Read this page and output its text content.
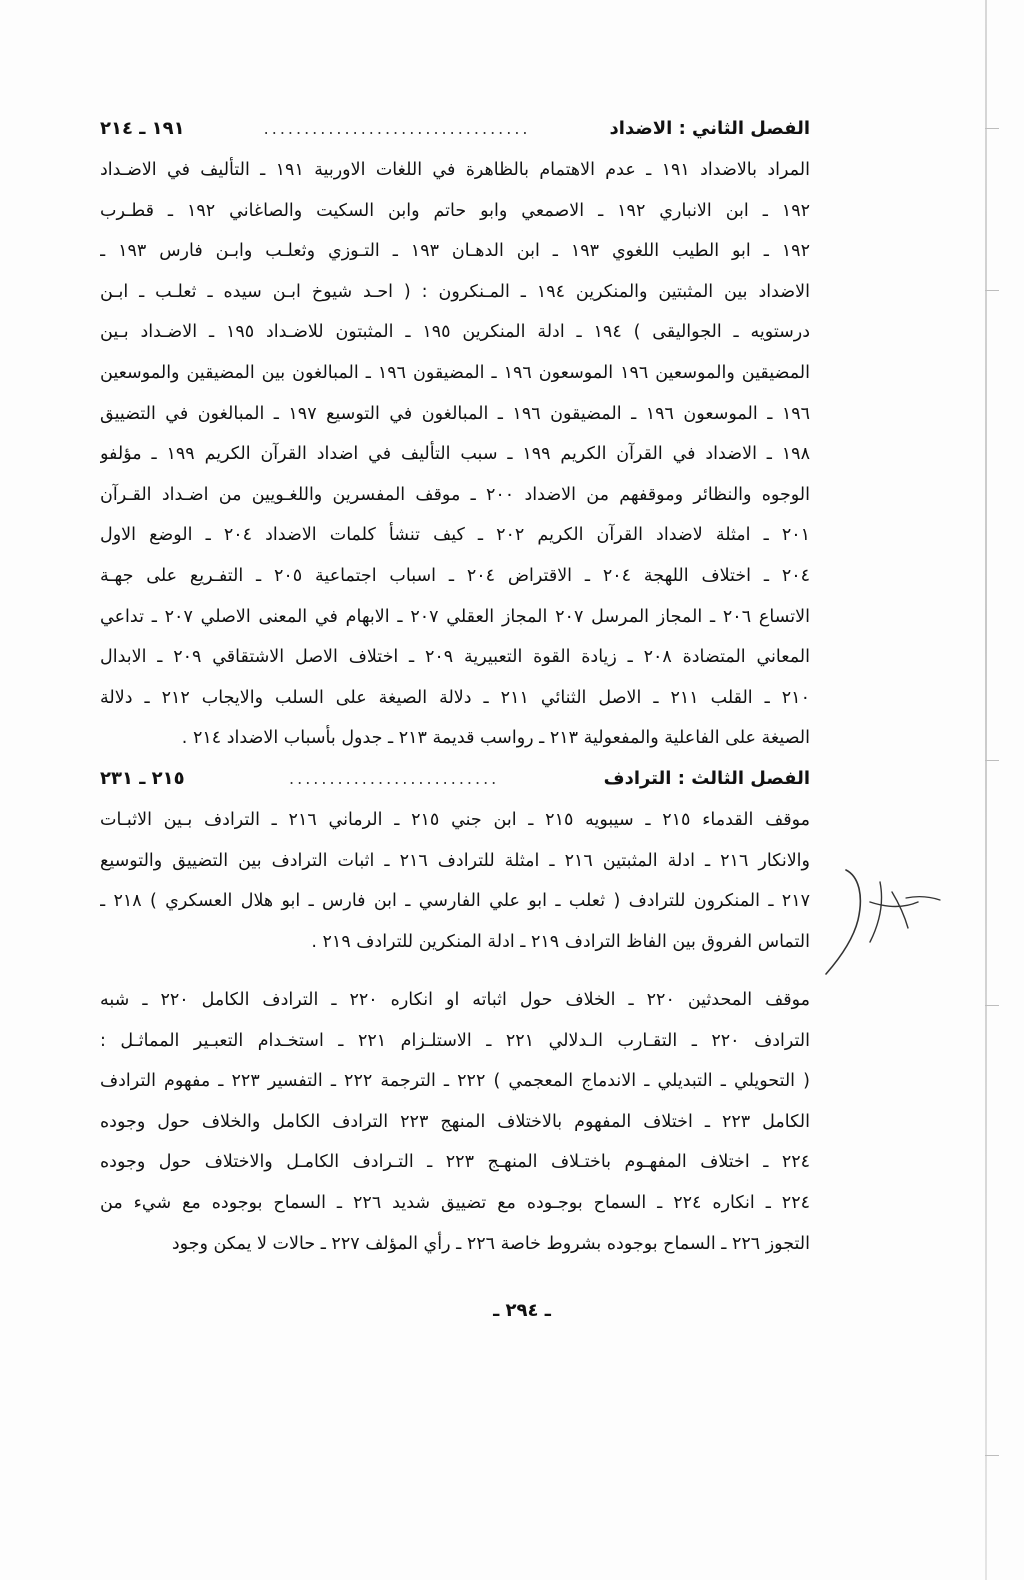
الفصل الثاني : الاضداد
.................................
١٩١ ـ ٢١٤
المراد بالاضداد ١٩١ ـ عدم الاهتمام بالظاهرة في اللغات الاوربية ١٩١ ـ التأليف في الاضـداد
١٩٢ ـ ابن الانباري ١٩٢ ـ الاصمعي وابو حاتم وابن السكيت والصاغاني ١٩٢ ـ قطـرب
١٩٢ ـ ابو الطيب اللغوي ١٩٣ ـ ابن الدهـان ١٩٣ ـ التـوزي وثعلـب وابـن فارس ١٩٣ ـ
الاضداد بين المثبتين والمنكرين ١٩٤ ـ المـنكرون : ( احـد شيوخ ابـن سيده ـ ثعلـب ـ ابـن
درستويه ـ الجواليقى ) ١٩٤ ـ ادلة المنكرين ١٩٥ ـ المثبتون للاضـداد ١٩٥ ـ الاضـداد بـين
المضيقين والموسعين ١٩٦ الموسعون ١٩٦ ـ المضيقون ١٩٦ ـ المبالغون بين المضيقين والموسعين
١٩٦ ـ الموسعون ١٩٦ ـ المضيقون ١٩٦ ـ المبالغون في التوسيع ١٩٧ ـ المبالغون في التضييق
١٩٨ ـ الاضداد في القرآن الكريم ١٩٩ ـ سبب التأليف في اضداد القرآن الكريم ١٩٩ ـ مؤلفو
الوجوه والنظائر وموقفهم من الاضداد ٢٠٠ ـ موقف المفسرين واللغـويين من اضـداد القـرآن
٢٠١ ـ امثلة لاضداد القرآن الكريم ٢٠٢ ـ كيف تنشأ كلمات الاضداد ٢٠٤ ـ الوضع الاول
٢٠٤ ـ اختلاف اللهجة ٢٠٤ ـ الاقتراض ٢٠٤ ـ اسباب اجتماعية ٢٠٥ ـ التفـريع على جهـة
الاتساع ٢٠٦ ـ المجاز المرسل ٢٠٧ المجاز العقلي ٢٠٧ ـ الابهام في المعنى الاصلي ٢٠٧ ـ تداعي
المعاني المتضادة ٢٠٨ ـ زيادة القوة التعبيرية ٢٠٩ ـ اختلاف الاصل الاشتقاقي ٢٠٩ ـ الابدال
٢١٠ ـ القلب ٢١١ ـ الاصل الثنائي ٢١١ ـ دلالة الصيغة على السلب والايجاب ٢١٢ ـ دلالة
الصيغة على الفاعلية والمفعولية ٢١٣ ـ رواسب قديمة ٢١٣ ـ جدول بأسباب الاضداد ٢١٤ .
الفصل الثالث : الترادف
..........................
٢١٥ ـ ٢٣١
موقف القدماء ٢١٥ ـ سيبويه ٢١٥ ـ ابن جني ٢١٥ ـ الرماني ٢١٦ ـ الترادف بـين الاثبـات
والانكار ٢١٦ ـ ادلة المثبتين ٢١٦ ـ امثلة للترادف ٢١٦ ـ اثبات الترادف بين التضييق والتوسيع
٢١٧ ـ المنكرون للترادف ( ثعلب ـ ابو علي الفارسي ـ ابن فارس ـ ابو هلال العسكري ) ٢١٨ ـ
التماس الفروق بين الفاظ الترادف ٢١٩ ـ ادلة المنكرين للترادف ٢١٩ .
موقف المحدثين ٢٢٠ ـ الخلاف حول اثباته او انكاره ٢٢٠ ـ الترادف الكامل ٢٢٠ ـ شبه
الترادف ٢٢٠ ـ التقـارب الـدلالي ٢٢١ ـ الاستلـزام ٢٢١ ـ استخـدام التعبـير المماثـل :
( التحويلي ـ التبديلي ـ الاندماج المعجمي ) ٢٢٢ ـ الترجمة ٢٢٢ ـ التفسير ٢٢٣ ـ مفهوم الترادف
الكامل ٢٢٣ ـ اختلاف المفهوم بالاختلاف المنهج ٢٢٣ الترادف الكامل والخلاف حول وجوده
٢٢٤ ـ اختلاف المفهـوم باختـلاف المنهـج ٢٢٣ ـ التـرادف الكامـل والاختلاف حول وجوده
٢٢٤ ـ انكاره ٢٢٤ ـ السماح بوجـوده مع تضييق شديد ٢٢٦ ـ السماح بوجوده مع شيء من
التجوز ٢٢٦ ـ السماح بوجوده بشروط خاصة ٢٢٦ ـ رأي المؤلف ٢٢٧ ـ حالات لا يمكن وجود
ـ ٢٩٤ ـ
